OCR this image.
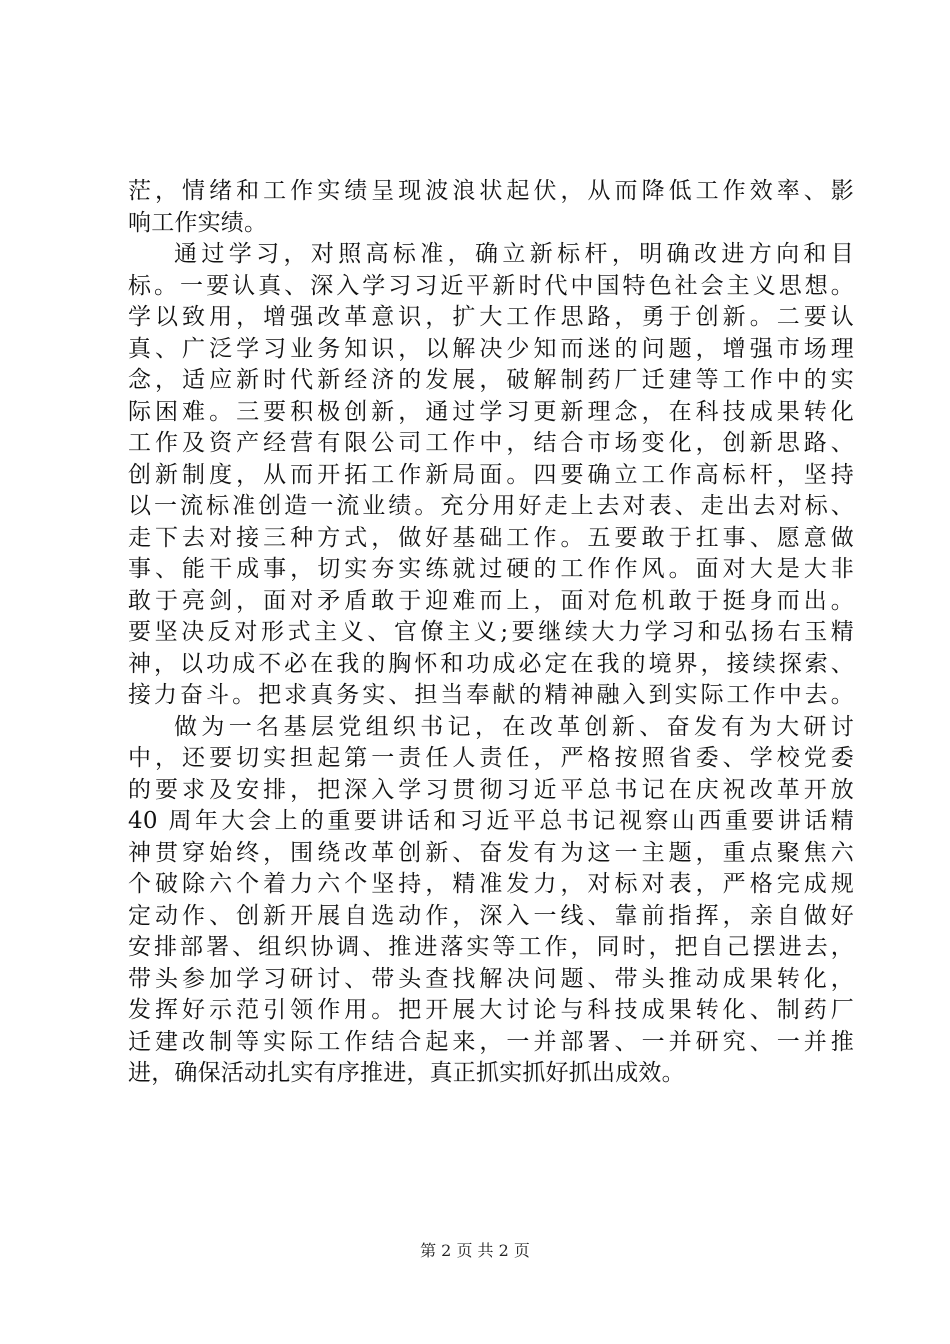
茫，情绪和工作实绩呈现波浪状起伏，从而降低工作效率、影
响工作实绩。
通过学习，对照高标准，确立新标杆，明确改进方向和目
标。一要认真、深入学习习近平新时代中国特色社会主义思想。
学以致用，增强改革意识，扩大工作思路，勇于创新。二要认
真、广泛学习业务知识，以解决少知而迷的问题，增强市场理
念，适应新时代新经济的发展，破解制药厂迁建等工作中的实
际困难。三要积极创新，通过学习更新理念，在科技成果转化
工作及资产经营有限公司工作中，结合市场变化，创新思路、
创新制度，从而开拓工作新局面。四要确立工作高标杆，坚持
以一流标准创造一流业绩。充分用好走上去对表、走出去对标、
走下去对接三种方式，做好基础工作。五要敢于扛事、愿意做
事、能干成事，切实夯实练就过硬的工作作风。面对大是大非
敢于亮剑，面对矛盾敢于迎难而上，面对危机敢于挺身而出。
要坚决反对形式主义、官僚主义;要继续大力学习和弘扬右玉精
神，以功成不必在我的胸怀和功成必定在我的境界，接续探索、
接力奋斗。把求真务实、担当奉献的精神融入到实际工作中去。
做为一名基层党组织书记，在改革创新、奋发有为大研讨
中，还要切实担起第一责任人责任，严格按照省委、学校党委
的要求及安排，把深入学习贯彻习近平总书记在庆祝改革开放
40 周年大会上的重要讲话和习近平总书记视察山西重要讲话精
神贯穿始终，围绕改革创新、奋发有为这一主题，重点聚焦六
个破除六个着力六个坚持，精准发力，对标对表，严格完成规
定动作、创新开展自选动作，深入一线、靠前指挥，亲自做好
安排部署、组织协调、推进落实等工作，同时，把自己摆进去，
带头参加学习研讨、带头查找解决问题、带头推动成果转化，
发挥好示范引领作用。把开展大讨论与科技成果转化、制药厂
迁建改制等实际工作结合起来，一并部署、一并研究、一并推
进，确保活动扎实有序推进，真正抓实抓好抓出成效。
第 2 页 共 2 页
